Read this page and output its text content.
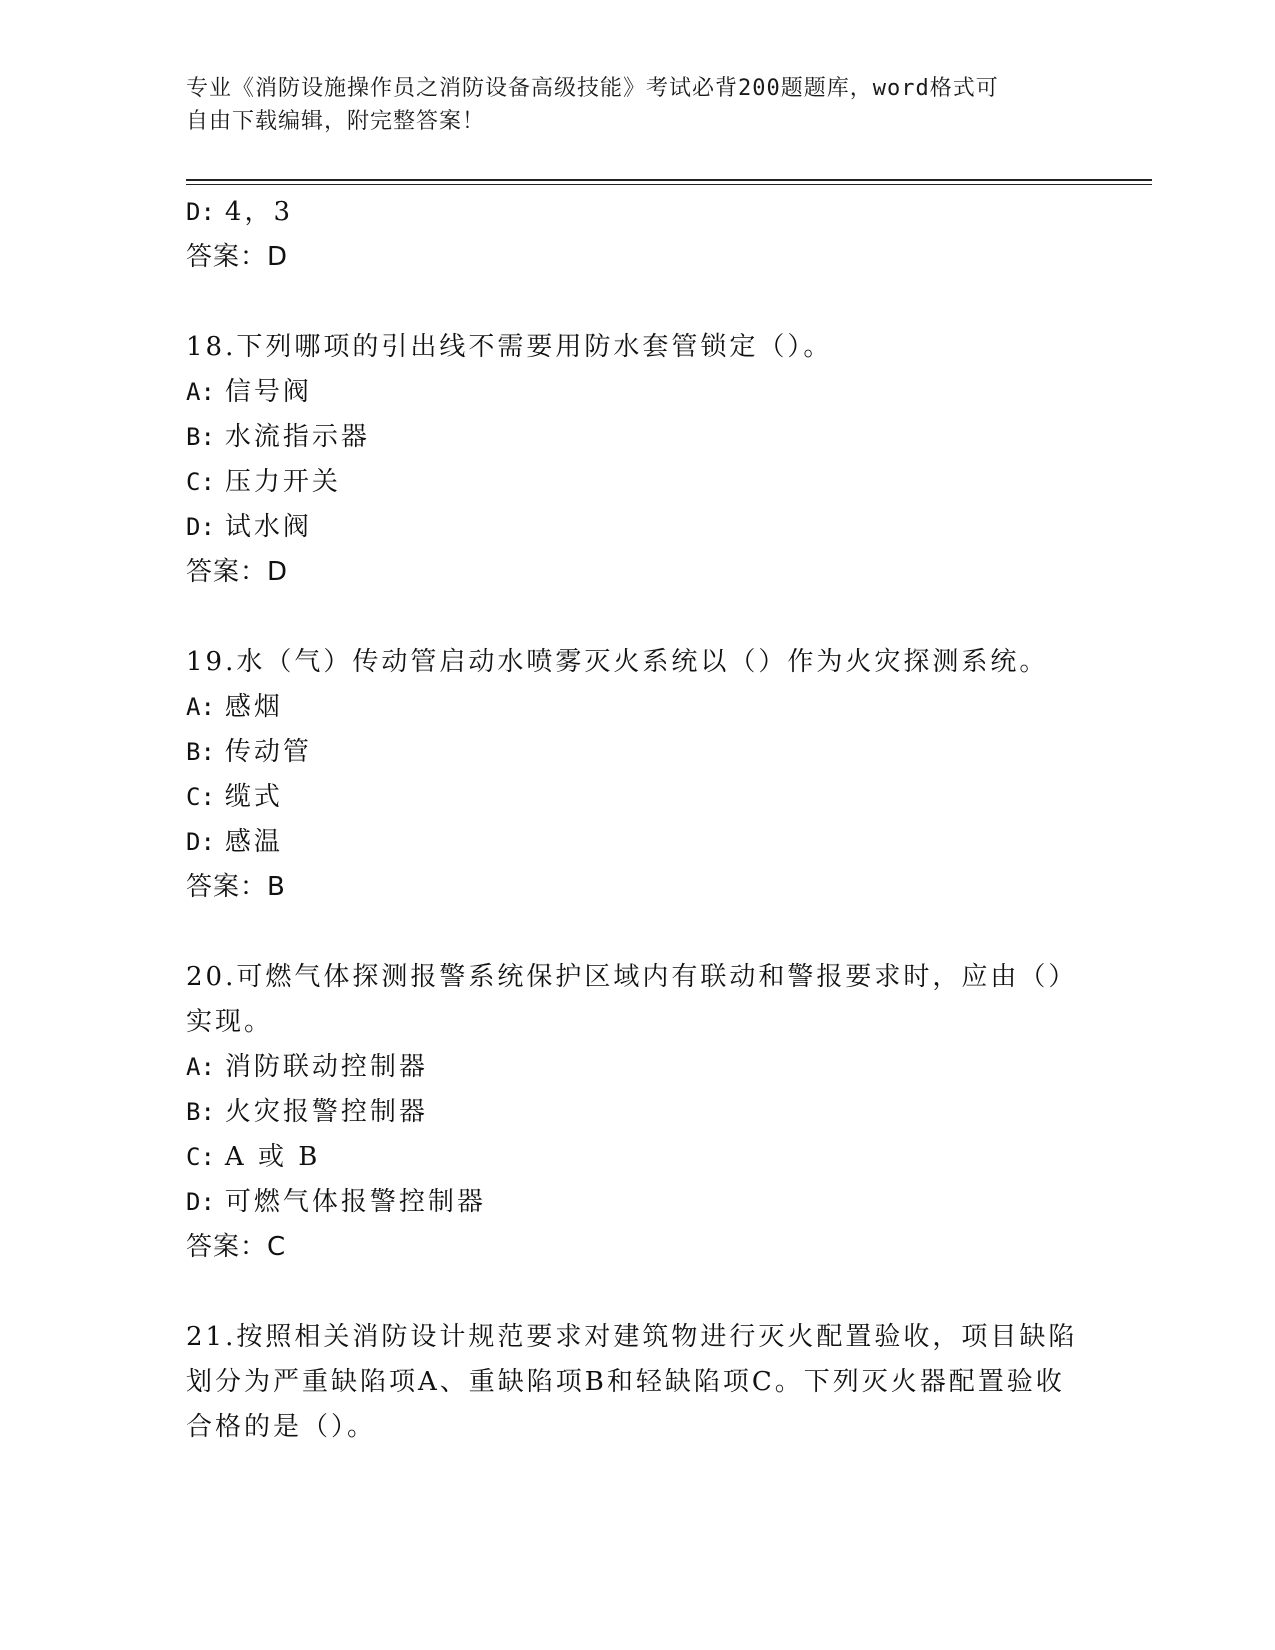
专业《消防设施操作员之消防设备高级技能》考试必背200题题库，word格式可
自由下载编辑，附完整答案！
D: 4，3
答案：D
18.下列哪项的引出线不需要用防水套管锁定（）。
A: 信号阀
B: 水流指示器
C: 压力开关
D: 试水阀
答案：D
19.水（气）传动管启动水喷雾灭火系统以（）作为火灾探测系统。
A: 感烟
B: 传动管
C: 缆式
D: 感温
答案：B
20.可燃气体探测报警系统保护区域内有联动和警报要求时，应由（）
实现。
A: 消防联动控制器
B: 火灾报警控制器
C: A 或 B
D: 可燃气体报警控制器
答案：C
21.按照相关消防设计规范要求对建筑物进行灭火配置验收，项目缺陷
划分为严重缺陷项A、重缺陷项B和轻缺陷项C。下列灭火器配置验收
合格的是（）。
